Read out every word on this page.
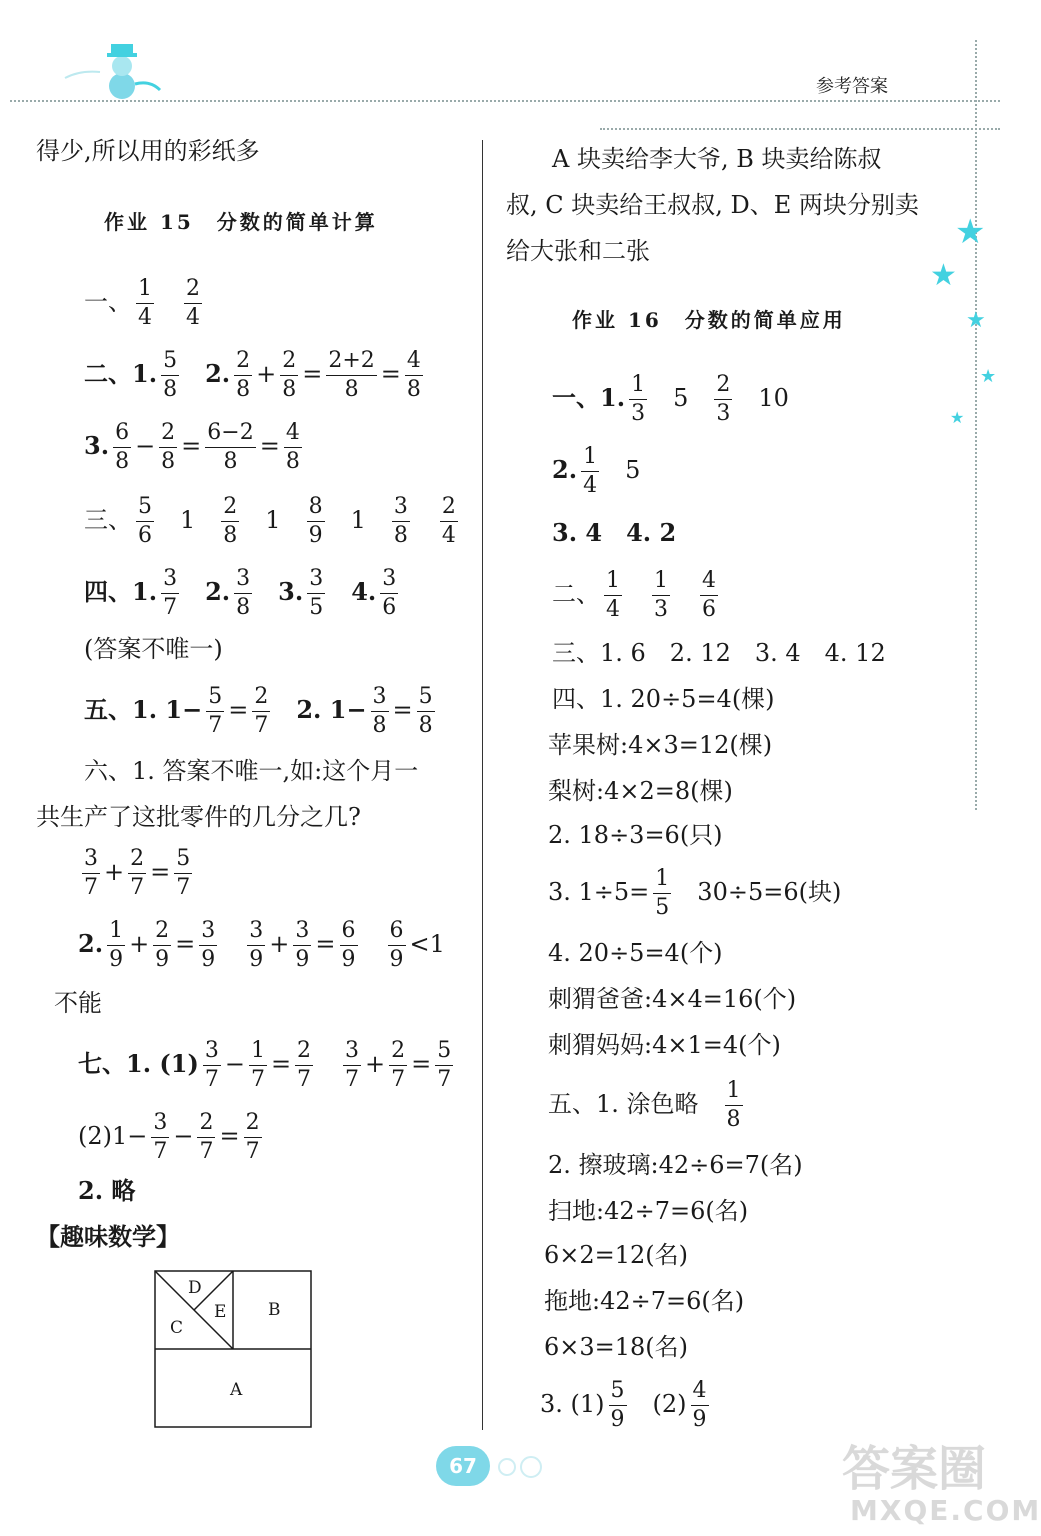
参考答案
★
★
★
★
★
得少,所以用的彩纸多
作业 15　分数的简单计算
一、 $\frac{1}{4} \frac{2}{4}$
二、1. $\frac{5}{8} 2$. $\frac{2}{8} + \frac{2}{8} = \frac{2+2}{8} = \frac{4}{8}$
3. $\frac{6}{8} - \frac{2}{8} = \frac{6-2}{8} = \frac{4}{8}$
三、 $\frac{5}{6} 1 \frac{2}{8} 1 \frac{8}{9} 1 \frac{3}{8} \frac{2}{4}$
四、1. $\frac{3}{7} 2$. $\frac{3}{8} 3$. $\frac{3}{5} 4$. $\frac{3}{6}$
(答案不唯一)
五、1. $1- \frac{5}{7} = \frac{2}{7} 2$. $1- \frac{3}{8} = \frac{5}{8}$
六、1. 答案不唯一,如:这个月一
共生产了这批零件的几分之几?
$\frac{3}{7} + \frac{2}{7} = \frac{5}{7}$
2. $\frac{1}{9} + \frac{2}{9} = \frac{3}{9} \frac{3}{9} + \frac{3}{9} = \frac{6}{9} \frac{6}{9} <1$
不能
七、1. $(1) \frac{3}{7} - \frac{1}{7} = \frac{2}{7} \frac{3}{7} + \frac{2}{7} = \frac{5}{7}$
$(2)1- \frac{3}{7} - \frac{2}{7} = \frac{2}{7}$
2. 略
【趣味数学】
D
E
C
B
A
A 块卖给李大爷, B 块卖给陈叔
叔, C 块卖给王叔叔, D、E 两块分别卖
给大张和二张
作业 16　分数的简单应用
一、1. $\frac{1}{3} 5 \frac{2}{3} 10$
2. $\frac{1}{4} 5$
3. 4　4. 2
二、 $\frac{1}{4} \frac{1}{3} \frac{4}{6}$
三、1. 6　2. 12　3. 4　4. 12
四、1. 20÷5=4(棵)
苹果树:4×3=12(棵)
梨树:4×2=8(棵)
2. 18÷3=6(只)
3. $1\div 5= \frac{1}{5} 30\div 5=6$(块)
4. 20÷5=4(个)
刺猬爸爸:4×4=16(个)
刺猬妈妈:4×1=4(个)
五、1. 涂色略 $\frac{1}{8}$
2. 擦玻璃:42÷6=7(名)
扫地:42÷7=6(名)
6×2=12(名)
拖地:42÷7=6(名)
6×3=18(名)
3. $(1) \frac{5}{9} (2) \frac{4}{9}$
67	答案圈
MXQE.COM
